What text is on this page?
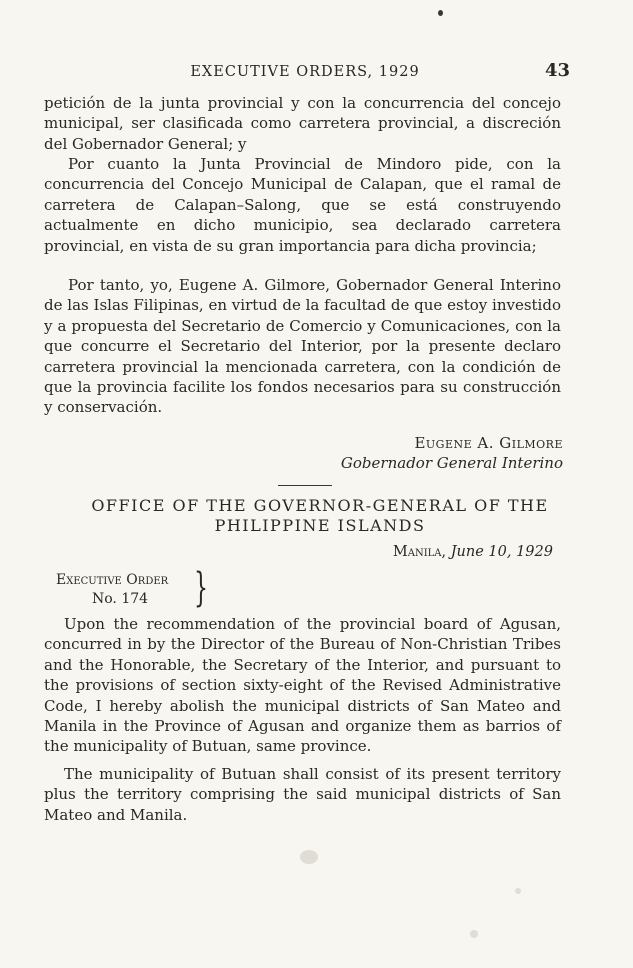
EXECUTIVE ORDERS, 1929	43

petición de la junta provincial y con la concurrencia del concejo municipal, ser clasificada como carretera provincial, a discreción del Gobernador General; y

Por cuanto la Junta Provincial de Mindoro pide, con la concurrencia del Concejo Municipal de Calapan, que el ramal de carretera de Calapan–Salong, que se está construyendo actualmente en dicho municipio, sea declarado carretera provincial, en vista de su gran importancia para dicha provincia;

Por tanto, yo, Eugene A. Gilmore, Gobernador General Interino de las Islas Filipinas, en virtud de la facultad de que estoy investido y a propuesta del Secretario de Comercio y Comunicaciones, con la que concurre el Secretario del Interior, por la presente declaro carretera provincial la mencionada carretera, con la condición de que la provincia facilite los fondos necesarios para su construcción y conservación.

Eugene A. Gilmore
Gobernador General Interino
OFFICE OF THE GOVERNOR-GENERAL OF THE PHILIPPINE ISLANDS
Manila, June 10, 1929
Executive Order
No. 174 }

Upon the recommendation of the provincial board of Agusan, concurred in by the Director of the Bureau of Non-Christian Tribes and the Honorable, the Secretary of the Interior, and pursuant to the provisions of section sixty-eight of the Revised Administrative Code, I hereby abolish the municipal districts of San Mateo and Manila in the Province of Agusan and organize them as barrios of the municipality of Butuan, same province.

The municipality of Butuan shall consist of its present territory plus the territory comprising the said municipal districts of San Mateo and Manila.
